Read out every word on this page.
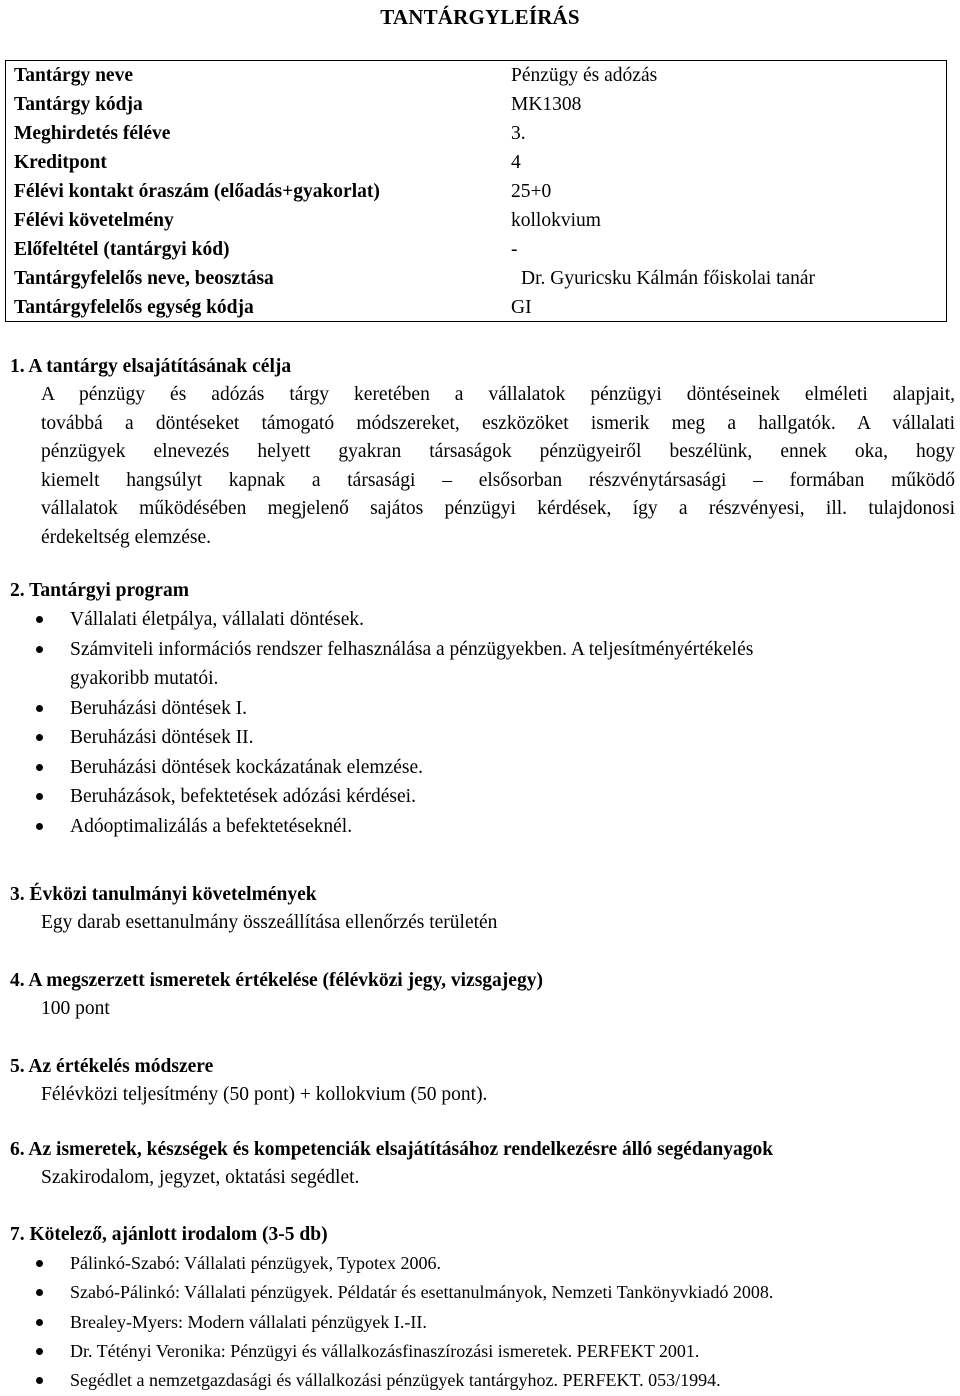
TANTÁRGYLEÍRÁS
Tantárgy neve	Pénzügy és adózás
Tantárgy kódja	MK1308
Meghirdetés féléve	3.
Kreditpont	4
Félévi kontakt óraszám (előadás+gyakorlat)	25+0
Félévi követelmény	kollokvium
Előfeltétel (tantárgyi kód)	-
Tantárgyfelelős neve, beosztása	Dr. Gyuricsku Kálmán főiskolai tanár
Tantárgyfelelős egység kódja	GI
1. A tantárgy elsajátításának célja
A pénzügy és adózás tárgy keretében a vállalatok pénzügyi döntéseinek elméleti alapjait,
továbbá a döntéseket támogató módszereket, eszközöket ismerik meg a hallgatók. A vállalati
pénzügyek elnevezés helyett gyakran társaságok pénzügyeiről beszélünk, ennek oka, hogy
kiemelt hangsúlyt kapnak a társasági – elsősorban részvénytársasági – formában működő
vállalatok működésében megjelenő sajátos pénzügyi kérdések, így a részvényesi, ill. tulajdonosi
érdekeltség elemzése.
2. Tantárgyi program
Vállalati életpálya, vállalati döntések.
Számviteli információs rendszer felhasználása a pénzügyekben. A teljesítményértékelés
gyakoribb mutatói.
Beruházási döntések I.
Beruházási döntések II.
Beruházási döntések kockázatának elemzése.
Beruházások, befektetések adózási kérdései.
Adóoptimalizálás a befektetéseknél.
3. Évközi tanulmányi követelmények
Egy darab esettanulmány összeállítása ellenőrzés területén
4. A megszerzett ismeretek értékelése (félévközi jegy, vizsgajegy)
100 pont
5. Az értékelés módszere
Félévközi teljesítmény (50 pont) + kollokvium (50 pont).
6. Az ismeretek, készségek és kompetenciák elsajátításához rendelkezésre álló segédanyagok
Szakirodalom, jegyzet, oktatási segédlet.
7. Kötelező, ajánlott irodalom (3-5 db)
Pálinkó-Szabó: Vállalati pénzügyek, Typotex 2006.
Szabó-Pálinkó: Vállalati pénzügyek. Példatár és esettanulmányok, Nemzeti Tankönyvkiadó 2008.
Brealey-Myers: Modern vállalati pénzügyek I.-II.
Dr. Tétényi Veronika: Pénzügyi és vállalkozásfinaszírozási ismeretek. PERFEKT 2001.
Segédlet a nemzetgazdasági és vállalkozási pénzügyek tantárgyhoz. PERFEKT. 053/1994.
